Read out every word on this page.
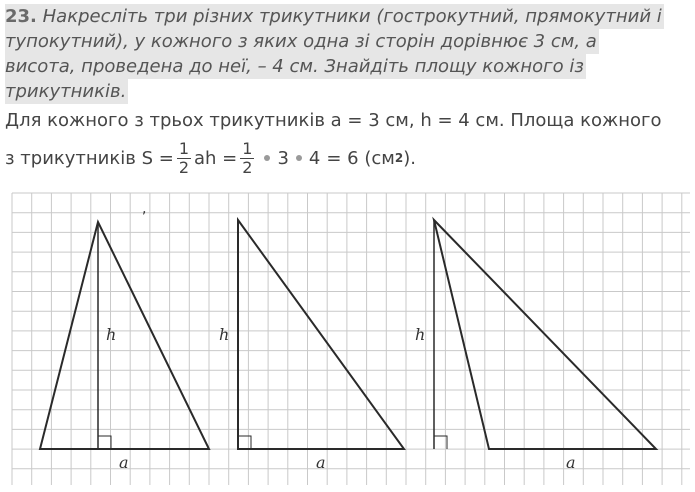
23. Накресліть три різних трикутники (гострокутний, прямокутний і
тупокутний), у кожного з яких одна зі сторін дорівнює 3 см, а
висота, проведена до неї, – 4 см. Знайдіть площу кожного із
трикутників.
Для кожного з трьох трикутників a = 3 см, h = 4 см. Площа кожного
з трикутників $S = \frac{1}{2}$ ah = $\frac{1}{2} 3$ 4 = 6 (см 2 ).
h
a
h
a
h
a
,
